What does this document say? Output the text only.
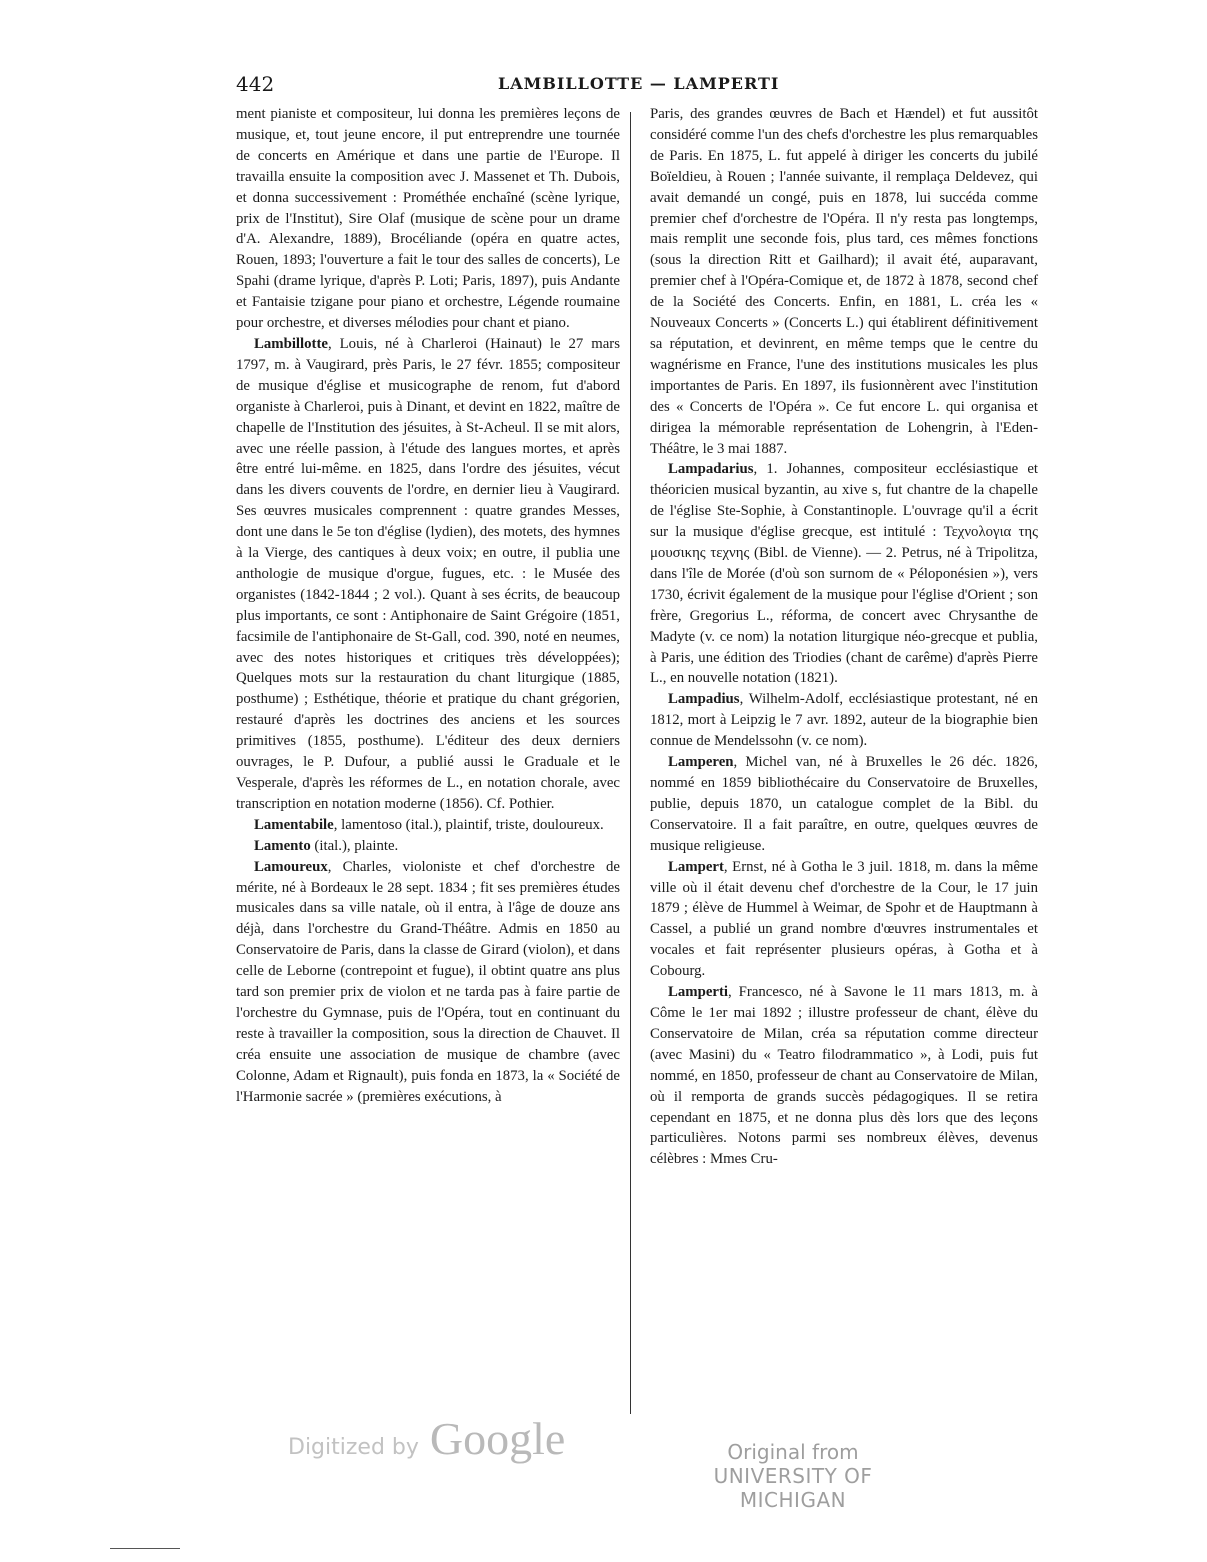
442	LAMBILLOTTE — LAMPERTI

ment pianiste et compositeur, lui donna les premières leçons de musique, et, tout jeune encore, il put entreprendre une tournée de concerts en Amérique et dans une partie de l'Europe. Il travailla ensuite la composition avec J. Massenet et Th. Dubois, et donna successivement : Prométhée enchaîné (scène lyrique, prix de l'Institut), Sire Olaf (musique de scène pour un drame d'A. Alexandre, 1889), Brocéliande (opéra en quatre actes, Rouen, 1893; l'ouverture a fait le tour des salles de concerts), Le Spahi (drame lyrique, d'après P. Loti; Paris, 1897), puis Andante et Fantaisie tzigane pour piano et orchestre, Légende roumaine pour orchestre, et diverses mélodies pour chant et piano.

Lambillotte, Louis, né à Charleroi (Hainaut) le 27 mars 1797, m. à Vaugirard, près Paris, le 27 févr. 1855; compositeur de musique d'église et musicographe de renom, fut d'abord organiste à Charleroi, puis à Dinant, et devint en 1822, maître de chapelle de l'Institution des jésuites, à St-Acheul. Il se mit alors, avec une réelle passion, à l'étude des langues mortes, et après être entré lui-même. en 1825, dans l'ordre des jésuites, vécut dans les divers couvents de l'ordre, en dernier lieu à Vaugirard. Ses œuvres musicales comprennent : quatre grandes Messes, dont une dans le 5e ton d'église (lydien), des motets, des hymnes à la Vierge, des cantiques à deux voix; en outre, il publia une anthologie de musique d'orgue, fugues, etc. : le Musée des organistes (1842-1844 ; 2 vol.). Quant à ses écrits, de beaucoup plus importants, ce sont : Antiphonaire de Saint Grégoire (1851, facsimile de l'antiphonaire de St-Gall, cod. 390, noté en neumes, avec des notes historiques et critiques très développées); Quelques mots sur la restauration du chant liturgique (1885, posthume) ; Esthétique, théorie et pratique du chant grégorien, restauré d'après les doctrines des anciens et les sources primitives (1855, posthume). L'éditeur des deux derniers ouvrages, le P. Dufour, a publié aussi le Graduale et le Vesperale, d'après les réformes de L., en notation chorale, avec transcription en notation moderne (1856). Cf. Pothier.

Lamentabile, lamentoso (ital.), plaintif, triste, douloureux.

Lamento (ital.), plainte.

Lamoureux, Charles, violoniste et chef d'orchestre de mérite, né à Bordeaux le 28 sept. 1834 ; fit ses premières études musicales dans sa ville natale, où il entra, à l'âge de douze ans déjà, dans l'orchestre du Grand-Théâtre. Admis en 1850 au Conservatoire de Paris, dans la classe de Girard (violon), et dans celle de Leborne (contrepoint et fugue), il obtint quatre ans plus tard son premier prix de violon et ne tarda pas à faire partie de l'orchestre du Gymnase, puis de l'Opéra, tout en continuant du reste à travailler la composition, sous la direction de Chauvet. Il créa ensuite une association de musique de chambre (avec Colonne, Adam et Rignault), puis fonda en 1873, la « Société de l'Harmonie sacrée » (premières exécutions, à

Paris, des grandes œuvres de Bach et Hændel) et fut aussitôt considéré comme l'un des chefs d'orchestre les plus remarquables de Paris. En 1875, L. fut appelé à diriger les concerts du jubilé Boïeldieu, à Rouen ; l'année suivante, il remplaça Deldevez, qui avait demandé un congé, puis en 1878, lui succéda comme premier chef d'orchestre de l'Opéra. Il n'y resta pas longtemps, mais remplit une seconde fois, plus tard, ces mêmes fonctions (sous la direction Ritt et Gailhard); il avait été, auparavant, premier chef à l'Opéra-Comique et, de 1872 à 1878, second chef de la Société des Concerts. Enfin, en 1881, L. créa les « Nouveaux Concerts » (Concerts L.) qui établirent définitivement sa réputation, et devinrent, en même temps que le centre du wagnérisme en France, l'une des institutions musicales les plus importantes de Paris. En 1897, ils fusionnèrent avec l'institution des « Concerts de l'Opéra ». Ce fut encore L. qui organisa et dirigea la mémorable représentation de Lohengrin, à l'Eden-Théâtre, le 3 mai 1887.

Lampadarius, 1. Johannes, compositeur ecclésiastique et théoricien musical byzantin, au xive s, fut chantre de la chapelle de l'église Ste-Sophie, à Constantinople. L'ouvrage qu'il a écrit sur la musique d'église grecque, est intitulé : Τεχνολογια της μουσικης τεχνης (Bibl. de Vienne). — 2. Petrus, né à Tripolitza, dans l'île de Morée (d'où son surnom de « Péloponésien »), vers 1730, écrivit également de la musique pour l'église d'Orient ; son frère, Gregorius L., réforma, de concert avec Chrysanthe de Madyte (v. ce nom) la notation liturgique néo-grecque et publia, à Paris, une édition des Triodies (chant de carême) d'après Pierre L., en nouvelle notation (1821).

Lampadius, Wilhelm-Adolf, ecclésiastique protestant, né en 1812, mort à Leipzig le 7 avr. 1892, auteur de la biographie bien connue de Mendelssohn (v. ce nom).

Lamperen, Michel van, né à Bruxelles le 26 déc. 1826, nommé en 1859 bibliothécaire du Conservatoire de Bruxelles, publie, depuis 1870, un catalogue complet de la Bibl. du Conservatoire. Il a fait paraître, en outre, quelques œuvres de musique religieuse.

Lampert, Ernst, né à Gotha le 3 juil. 1818, m. dans la même ville où il était devenu chef d'orchestre de la Cour, le 17 juin 1879 ; élève de Hummel à Weimar, de Spohr et de Hauptmann à Cassel, a publié un grand nombre d'œuvres instrumentales et vocales et fait représenter plusieurs opéras, à Gotha et à Cobourg.

Lamperti, Francesco, né à Savone le 11 mars 1813, m. à Côme le 1er mai 1892 ; illustre professeur de chant, élève du Conservatoire de Milan, créa sa réputation comme directeur (avec Masini) du « Teatro filodrammatico », à Lodi, puis fut nommé, en 1850, professeur de chant au Conservatoire de Milan, où il remporta de grands succès pédagogiques. Il se retira cependant en 1875, et ne donna plus dès lors que des leçons particulières. Notons parmi ses nombreux élèves, devenus célèbres : Mmes Cru-

Digitized by Google	Original from
UNIVERSITY OF MICHIGAN
